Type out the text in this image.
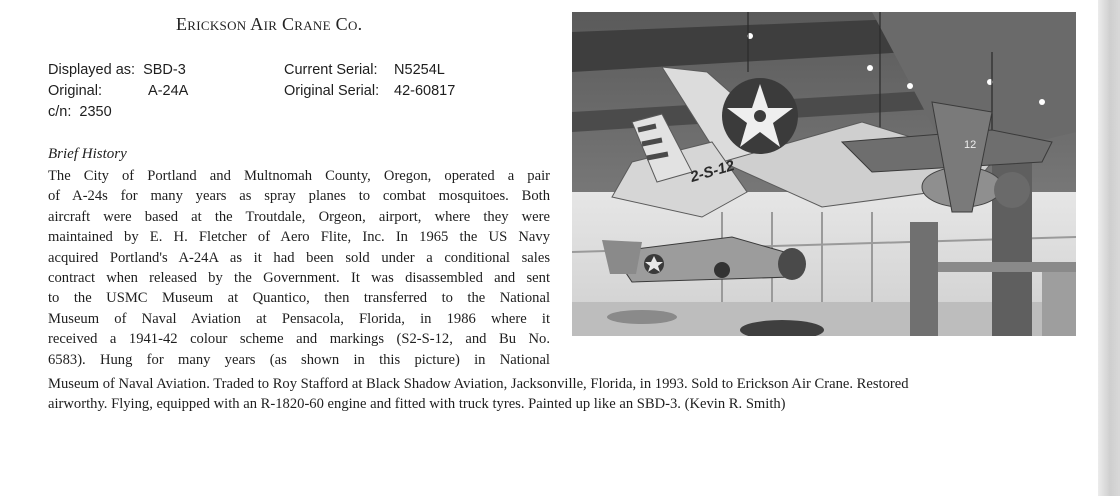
Erickson Air Crane Co.
Displayed as: SBD-3
Original:	A-24A
c/n: 2350
Current Serial: N5254L
Original Serial: 42-60817
Brief History
The City of Portland and Multnomah County, Oregon, operated a pair
of A-24s for many years as spray planes to combat mosquitoes. Both
aircraft were based at the Troutdale, Orgeon, airport, where they were
maintained by E. H. Fletcher of Aero Flite, Inc. In 1965 the US Navy
acquired Portland's A-24A as it had been sold under a conditional sales
contract when released by the Government. It was disassembled and sent
to the USMC Museum at Quantico, then transferred to the National
Museum of Naval Aviation at Pensacola, Florida, in 1986 where it
received a 1941-42 colour scheme and markings (S2-S-12, and Bu No.
6583). Hung for many years (as shown in this picture) in National
Museum of Naval Aviation. Traded to Roy Stafford at Black Shadow Aviation, Jacksonville, Florida, in 1993. Sold to Erickson Air Crane. Restored
airworthy. Flying, equipped with an R-1820-60 engine and fitted with truck tyres. Painted up like an SBD-3. (Kevin R. Smith)
2-S-12
12
